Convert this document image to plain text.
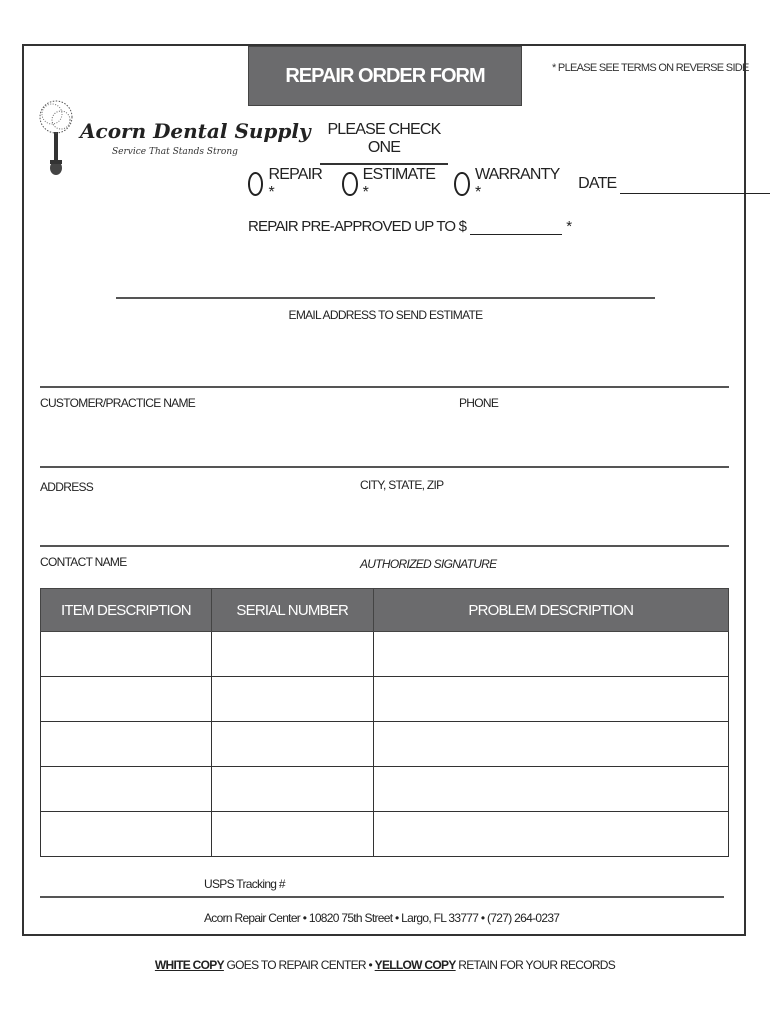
Acorn Dental Supply
Service That Stands Strong
REPAIR ORDER FORM	* PLEASE SEE TERMS ON REVERSE SIDE
PLEASE CHECK ONE
REPAIR *
ESTIMATE *
WARRANTY *
DATE
REPAIR PRE-APPROVED UP TO $	*
EMAIL ADDRESS TO SEND ESTIMATE
CUSTOMER/PRACTICE NAME	PHONE
ADDRESS	CITY, STATE, ZIP
CONTACT NAME	AUTHORIZED SIGNATURE
ITEM DESCRIPTION	SERIAL NUMBER	PROBLEM DESCRIPTION

USPS Tracking #
Acorn Repair Center • 10820 75th Street • Largo, FL 33777 • (727) 264-0237
WHITE COPY GOES TO REPAIR CENTER • YELLOW COPY RETAIN FOR YOUR RECORDS
